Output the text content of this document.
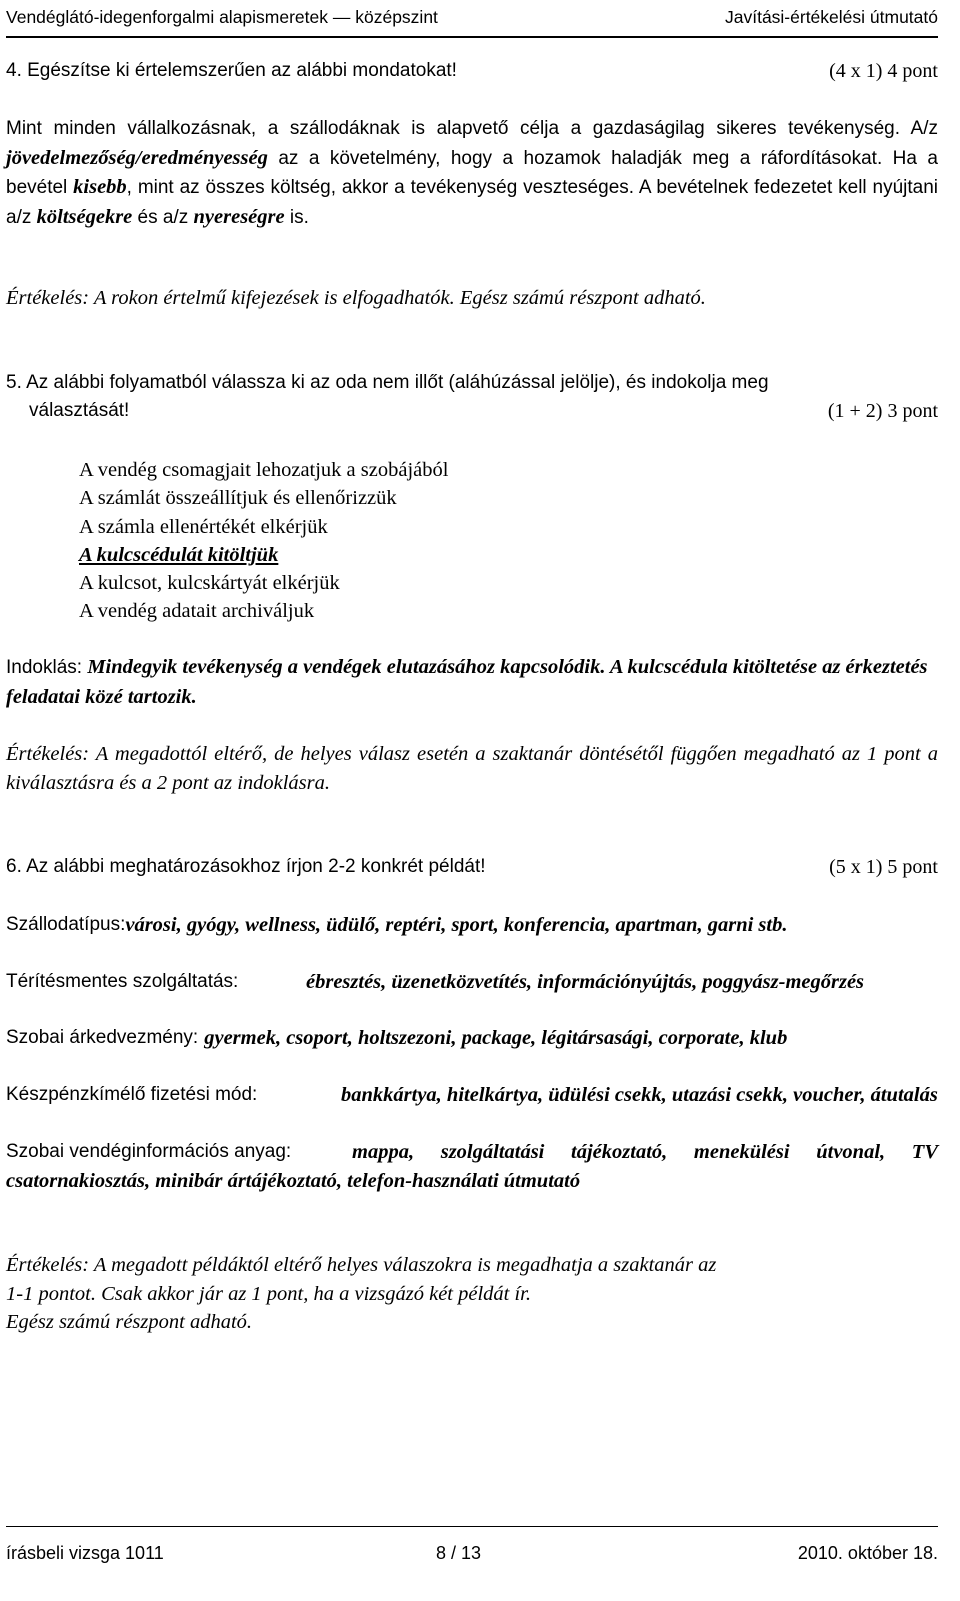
Vendéglátó-idegenforgalmi alapismeretek — középszint	Javítási-értékelési útmutató
4. Egészítse ki értelemszerűen az alábbi mondatokat!	(4 x 1) 4 pont
Mint minden vállalkozásnak, a szállodáknak is alapvető célja a gazdaságilag sikeres tevékenység. A/z jövedelmezőség/eredményesség az a követelmény, hogy a hozamok haladják meg a ráfordításokat. Ha a bevétel kisebb, mint az összes költség, akkor a tevékenység veszteséges. A bevételnek fedezetet kell nyújtani a/z költségekre és a/z nyereségre is.
Értékelés: A rokon értelmű kifejezések is elfogadhatók. Egész számú részpont adható.
5. Az alábbi folyamatból válassza ki az oda nem illőt (aláhúzással jelölje), és indokolja meg
választását!	(1 + 2) 3 pont
A vendég csomagjait lehozatjuk a szobájából
A számlát összeállítjuk és ellenőrizzük
A számla ellenértékét elkérjük
A kulcscédulát kitöltjük
A kulcsot, kulcskártyát elkérjük
A vendég adatait archiváljuk
Indoklás: Mindegyik tevékenység a vendégek elutazásához kapcsolódik. A kulcscédula kitöltetése az érkeztetés feladatai közé tartozik.
Értékelés: A megadottól eltérő, de helyes válasz esetén a szaktanár döntésétől függően megadható az 1 pont a kiválasztásra és a 2 pont az indoklásra.
6. Az alábbi meghatározásokhoz írjon 2-2 konkrét példát!	(5 x 1) 5 pont
Szállodatípus: városi, gyógy, wellness, üdülő, reptéri, sport, konferencia, apartman, garni stb.
Térítésmentes szolgáltatás:	ébresztés, üzenetközvetítés, információnyújtás, poggyász-megőrzés
Szobai árkedvezmény: gyermek, csoport, holtszezoni, package, légitársasági, corporate, klub
Készpénzkímélő fizetési mód:	bankkártya, hitelkártya, üdülési csekk, utazási csekk, voucher, átutalás
Szobai vendéginformációs anyag:	mappa, szolgáltatási tájékoztató, menekülési útvonal, TV csatornakiosztás, minibár ártájékoztató, telefon-használati útmutató
Értékelés: A megadott példáktól eltérő helyes válaszokra is megadhatja a szaktanár az
1-1 pontot. Csak akkor jár az 1 pont, ha a vizsgázó két példát ír.
Egész számú részpont adható.
írásbeli vizsga 1011	8 / 13	2010. október 18.
